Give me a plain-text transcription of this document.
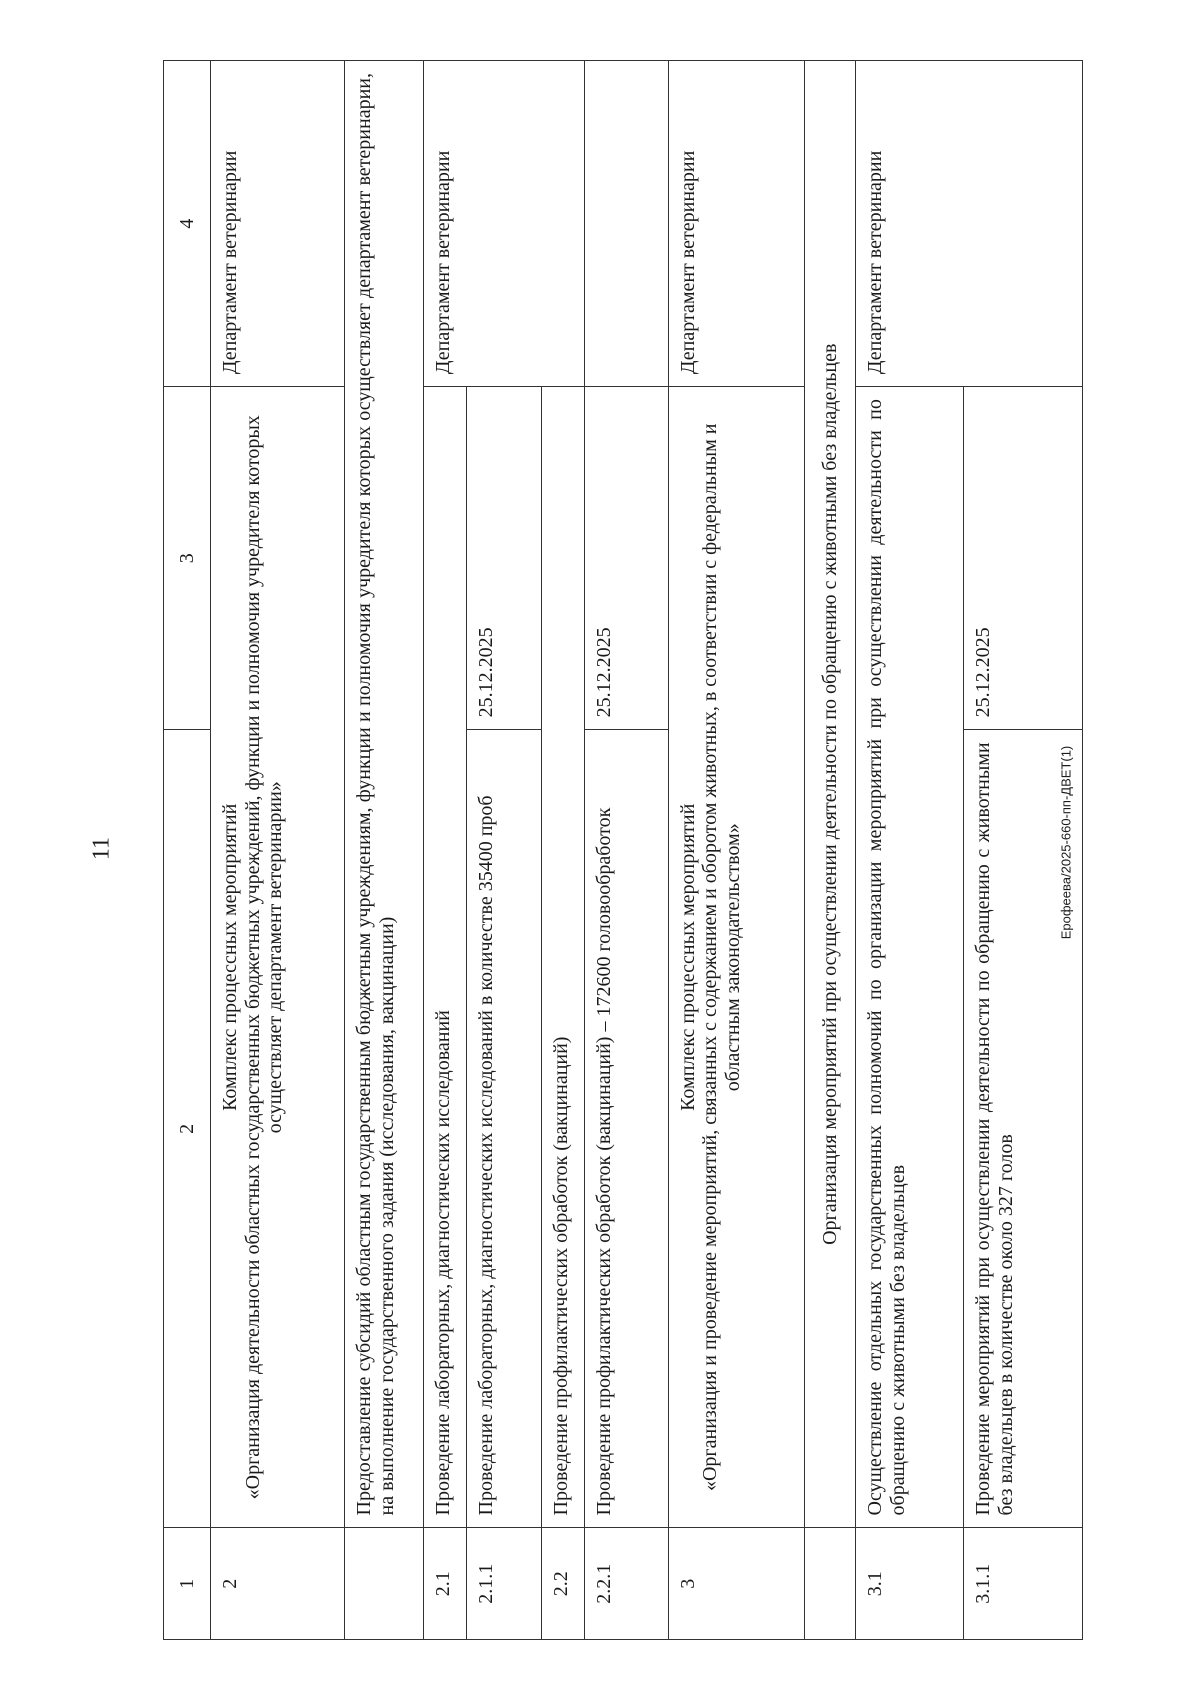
11	Ерофеева/2025-660-пп-ДВЕТ(1)
1	2	3	4
2	Комплекс процессных мероприятий «Организация деятельности областных государственных бюджетных учреждений, функции и полномочия учредителя которых осуществляет департамент ветеринарии»		Департамент ветеринарии
	Предоставление субсидий областным государственным бюджетным учреждениям, функции и полномочия учредителя которых осуществляет департамент ветеринарии, на выполнение государственного задания (исследования, вакцинации)		
2.1	Проведение лабораторных, диагностических исследований		Департамент ветеринарии
2.1.1	Проведение лабораторных, диагностических исследований в количестве 35400 проб	25.12.2025	
2.2	Проведение профилактических обработок (вакцинаций)		
2.2.1	Проведение профилактических обработок (вакцинаций) – 172600 головообработок	25.12.2025	
3	Комплекс процессных мероприятий «Организация и проведение мероприятий, связанных с содержанием и оборотом животных, в соответствии с федеральным и областным законодательством»		Департамент ветеринарии
	Организация мероприятий при осуществлении деятельности по обращению с животными без владельцев		
3.1	Осуществление отдельных государственных полномочий по организации мероприятий при осуществлении деятельности по обращению с животными без владельцев		Департамент ветеринарии
3.1.1	Проведение мероприятий при осуществлении деятельности по обращению с животными без владельцев в количестве около 327 голов	25.12.2025	
